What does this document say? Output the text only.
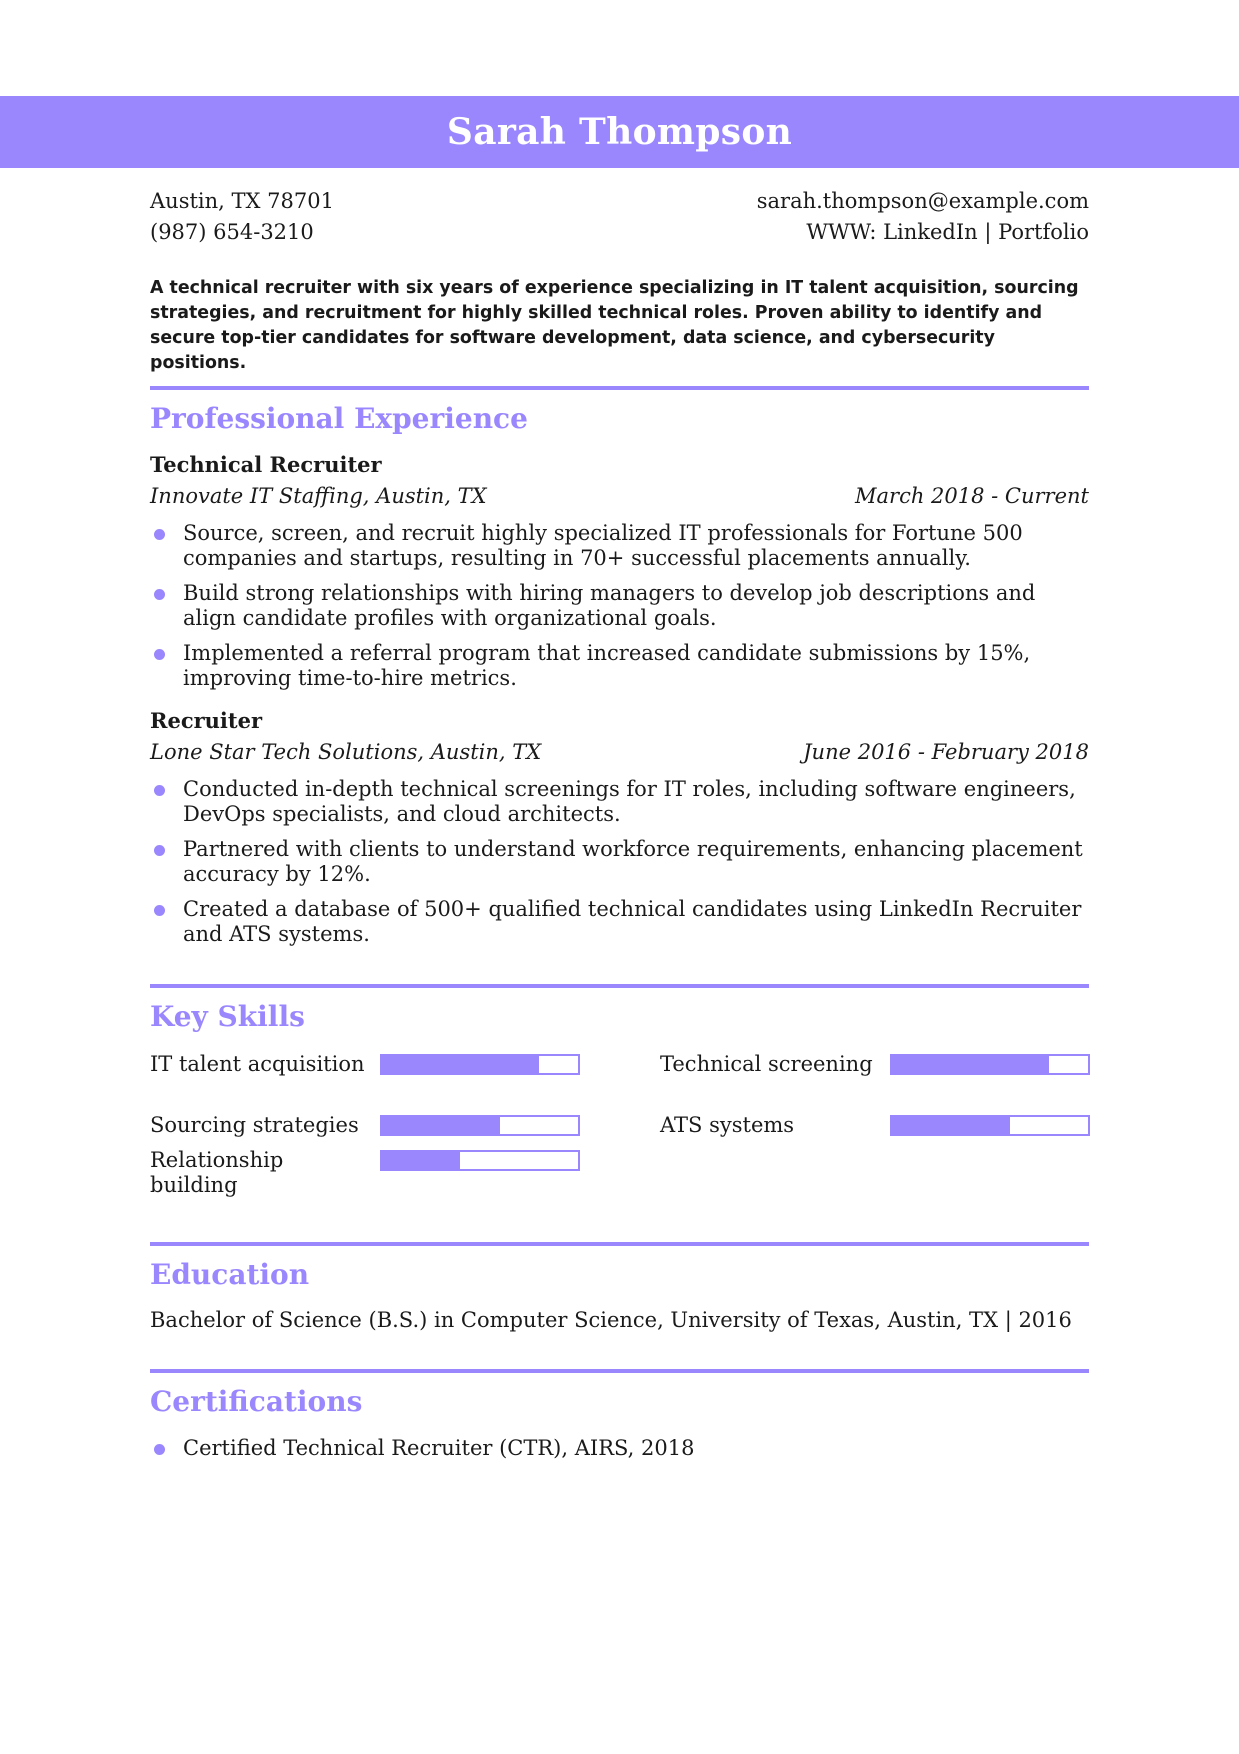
Sarah Thompson
Austin, TX 78701
(987) 654-3210
sarah.thompson@example.com
WWW: LinkedIn | Portfolio
A technical recruiter with six years of experience specializing in IT talent acquisition, sourcing strategies, and recruitment for highly skilled technical roles. Proven ability to identify and secure top-tier candidates for software development, data science, and cybersecurity positions.
Professional Experience
Technical Recruiter
Innovate IT Staffing, Austin, TX	March 2018 - Current
Source, screen, and recruit highly specialized IT professionals for Fortune 500 companies and startups, resulting in 70+ successful placements annually.
Build strong relationships with hiring managers to develop job descriptions and align candidate profiles with organizational goals.
Implemented a referral program that increased candidate submissions by 15%, improving time-to-hire metrics.
Recruiter
Lone Star Tech Solutions, Austin, TX	June 2016 - February 2018
Conducted in-depth technical screenings for IT roles, including software engineers, DevOps specialists, and cloud architects.
Partnered with clients to understand workforce requirements, enhancing placement accuracy by 12%.
Created a database of 500+ qualified technical candidates using LinkedIn Recruiter and ATS systems.
Key Skills
IT talent acquisition	Technical screening
Sourcing strategies	ATS systems
Relationship building
Education
Bachelor of Science (B.S.) in Computer Science, University of Texas, Austin, TX | 2016
Certifications
Certified Technical Recruiter (CTR), AIRS, 2018
